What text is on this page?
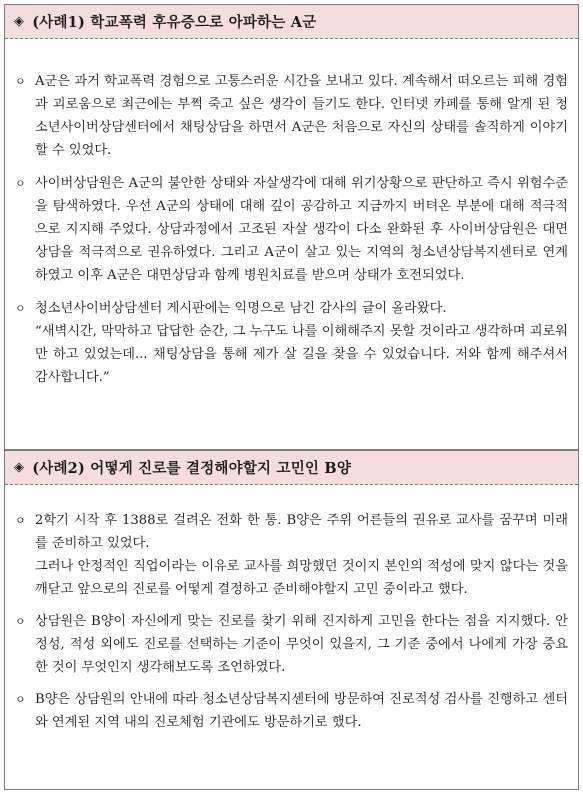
◈ (사례1) 학교폭력 후유증으로 아파하는 A군
ㅇ A군은 과거 학교폭력 경험으로 고통스러운 시간을 보내고 있다. 계속해서 떠오르는 피해 경험과 괴로움으로 최근에는 부쩍 죽고 싶은 생각이 들기도 한다. 인터넷 카페를 통해 알게 된 청소년사이버상담센터에서 채팅상담을 하면서 A군은 처음으로 자신의 상태를 솔직하게 이야기할 수 있었다.

ㅇ 사이버상담원은 A군의 불안한 상태와 자살생각에 대해 위기상황으로 판단하고 즉시 위험수준을 탐색하였다. 우선 A군의 상태에 대해 깊이 공감하고 지금까지 버텨온 부분에 대해 적극적으로 지지해 주었다. 상담과정에서 고조된 자살 생각이 다소 완화된 후 사이버상담원은 대면상담을 적극적으로 권유하였다. 그리고 A군이 살고 있는 지역의 청소년상담복지센터로 연계하였고 이후 A군은 대면상담과 함께 병원치료를 받으며 상태가 호전되었다.

ㅇ 청소년사이버상담센터 게시판에는 익명으로 남긴 감사의 글이 올라왔다.

“새벽시간, 막막하고 답답한 순간, 그 누구도 나를 이해해주지 못할 것이라고 생각하며 괴로워만 하고 있었는데... 채팅상담을 통해 제가 살 길을 찾을 수 있었습니다. 저와 함께 해주셔서 감사합니다.”

◈ (사례2) 어떻게 진로를 결정해야할지 고민인 B양
ㅇ 2학기 시작 후 1388로 걸려온 전화 한 통. B양은 주위 어른들의 권유로 교사를 꿈꾸며 미래를 준비하고 있었다.

그러나 안정적인 직업이라는 이유로 교사를 희망했던 것이지 본인의 적성에 맞지 않다는 것을 깨닫고 앞으로의 진로를 어떻게 결정하고 준비해야할지 고민 중이라고 했다.

ㅇ 상담원은 B양이 자신에게 맞는 진로를 찾기 위해 진지하게 고민을 한다는 점을 지지했다. 안정성, 적성 외에도 진로를 선택하는 기준이 무엇이 있을지, 그 기준 중에서 나에게 가장 중요한 것이 무엇인지 생각해보도록 조언하였다.

ㅇ B양은 상담원의 안내에 따라 청소년상담복지센터에 방문하여 진로적성 검사를 진행하고 센터와 연계된 지역 내의 진로체험 기관에도 방문하기로 했다.
